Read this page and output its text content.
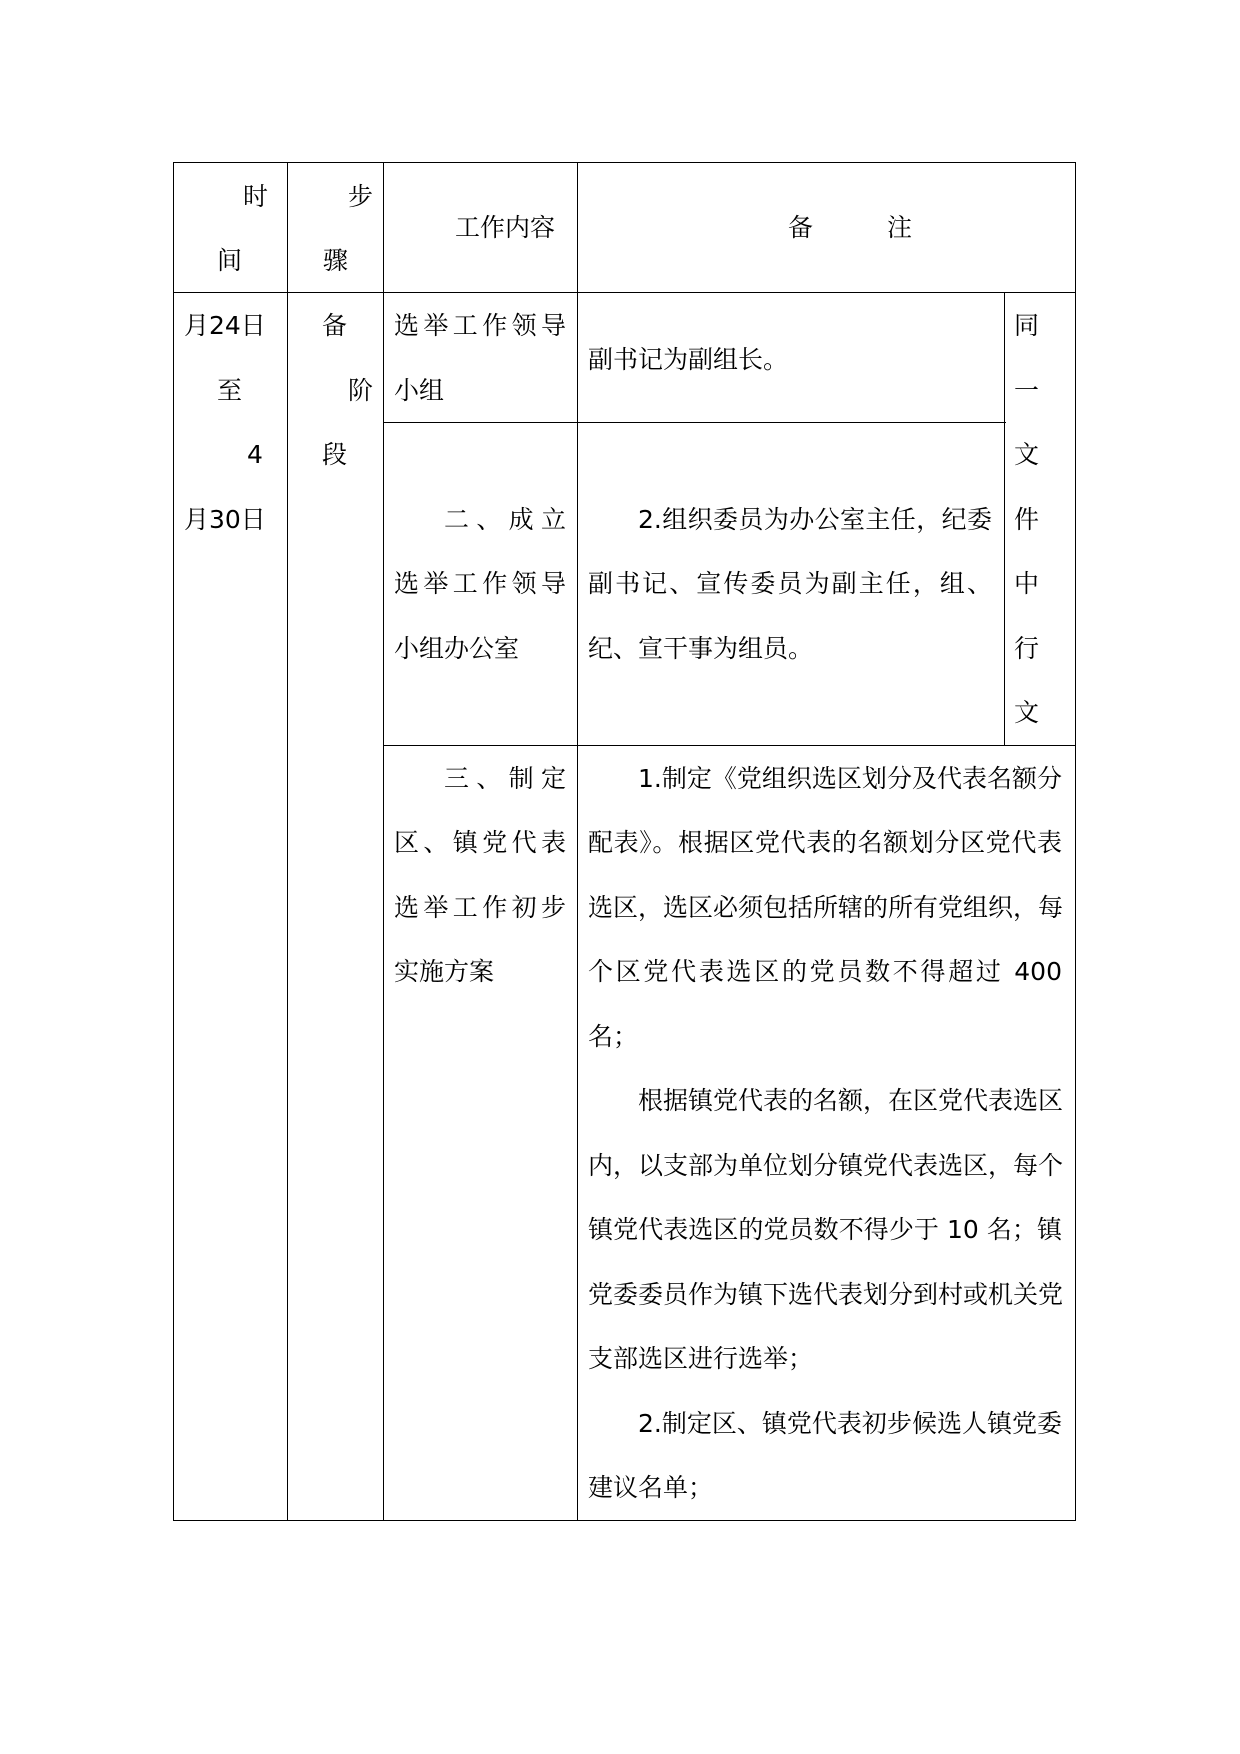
时
间
步
骤
工作内容	备	注
月24日
至
4
月30日
备
阶
段
同
一
文
件
中
行
文
选举工作领导
小组
副书记为副组长。
二、成立
选举工作领导
小组办公室
2.组织委员为办公室主任，纪委
副书记、宣传委员为副主任，组、
纪、宣干事为组员。
三、制定
区、镇党代表
选举工作初步
实施方案
1.制定《党组织选区划分及代表名额分
配表》。根据区党代表的名额划分区党代表
选区，选区必须包括所辖的所有党组织，每
个区党代表选区的党员数不得超过 400
名；
根据镇党代表的名额，在区党代表选区
内，以支部为单位划分镇党代表选区，每个
镇党代表选区的党员数不得少于 10 名；镇
党委委员作为镇下选代表划分到村或机关党
支部选区进行选举；
2.制定区、镇党代表初步候选人镇党委
建议名单；
